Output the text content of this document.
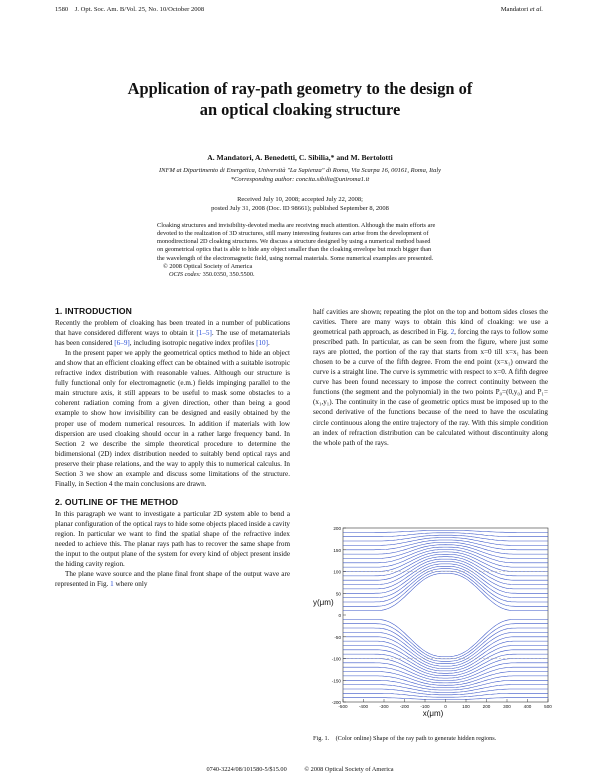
1580 J. Opt. Soc. Am. B/Vol. 25, No. 10/October 2008	Mandatori et al.
Application of ray-path geometry to the design of
an optical cloaking structure
A. Mandatori, A. Benedetti, C. Sibilia,* and M. Bertolotti
INFM at Dipartimento di Energetica, Università "La Sapienza" di Roma, Via Scarpa 16, 00161, Roma, Italy
*Corresponding author: concita.sibilia@uniroma1.it
Received July 10, 2008; accepted July 22, 2008;
posted July 31, 2008 (Doc. ID 98661); published September 8, 2008
Cloaking structures and invisibility-devoted media are receiving much attention. Although the main efforts are
devoted to the realization of 3D structures, still many interesting features can arise from the development of
monodirectional 2D cloaking structures. We discuss a structure designed by using a numerical method based
on geometrical optics that is able to hide any object smaller than the cloaking envelope but much bigger than
the wavelength of the electromagnetic field, using normal materials. Some numerical examples are presented.
© 2008 Optical Society of America
OCIS codes: 350.0350, 350.5500.
1. INTRODUCTION

Recently the problem of cloaking has been treated in a number of publications that have considered different ways to obtain it [1–5]. The use of metamaterials has been considered [6–9], including isotropic negative index profiles [10].

In the present paper we apply the geometrical optics method to hide an object and show that an efficient cloaking effect can be obtained with a suitable isotropic refractive index distribution with reasonable values. Although our structure is fully functional only for electromagnetic (e.m.) fields impinging parallel to the main structure axis, it still appears to be useful to mask some obstacles to a coherent radiation coming from a given direction, other than being a good example to show how invisibility can be designed and easily obtained by the proper use of modern numerical resources. In addition if materials with low dispersion are used cloaking should occur in a rather large frequency band. In Section 2 we describe the simple theoretical procedure to determine the bidimensional (2D) index distribution needed to suitably bend optical rays and preserve their phase relations, and the way to apply this to numerical calculus. In Section 3 we show an example and discuss some limitations of the structure. Finally, in Section 4 the main conclusions are drawn.

2. OUTLINE OF THE METHOD

In this paragraph we want to investigate a particular 2D system able to bend a planar configuration of the optical rays to hide some objects placed inside a cavity region. In particular we want to find the spatial shape of the refractive index needed to achieve this. The planar rays path has to recover the same shape from the input to the output plane of the system for every kind of object present inside the hiding cavity region.

The plane wave source and the plane final front shape of the output wave are represented in Fig. 1 where only

half cavities are shown; repeating the plot on the top and bottom sides closes the cavities. There are many ways to obtain this kind of cloaking: we use a geometrical path approach, as described in Fig. 2, forcing the rays to follow some prescribed path. In particular, as can be seen from the figure, where just some rays are plotted, the portion of the ray that starts from x=0 till x=x₁ has been chosen to be a curve of the fifth degree. From the end point (x=x₁) onward the curve is a straight line. The curve is symmetric with respect to x=0. A fifth degree curve has been found necessary to impose the correct continuity between the functions (the segment and the polynomial) in the two points P₀=(0,y₀) and P₁=(x₁,y₁). The continuity in the case of geometric optics must be imposed up to the second derivative of the functions because of the need to have the osculating circle continuous along the entire trajectory of the ray. With this simple condition an index of refraction distribution can be calculated without discontinuity along the whole path of the rays.

200
150
100
50
0
-50
-100
-150
-200
-500 -400 -300 -200 -100	0	100	200	300	400	500
y(μm)
x(μm)
Fig. 1. (Color online) Shape of the ray path to generate hidden regions.
0740-3224/08/101580-5/$15.00	© 2008 Optical Society of America
